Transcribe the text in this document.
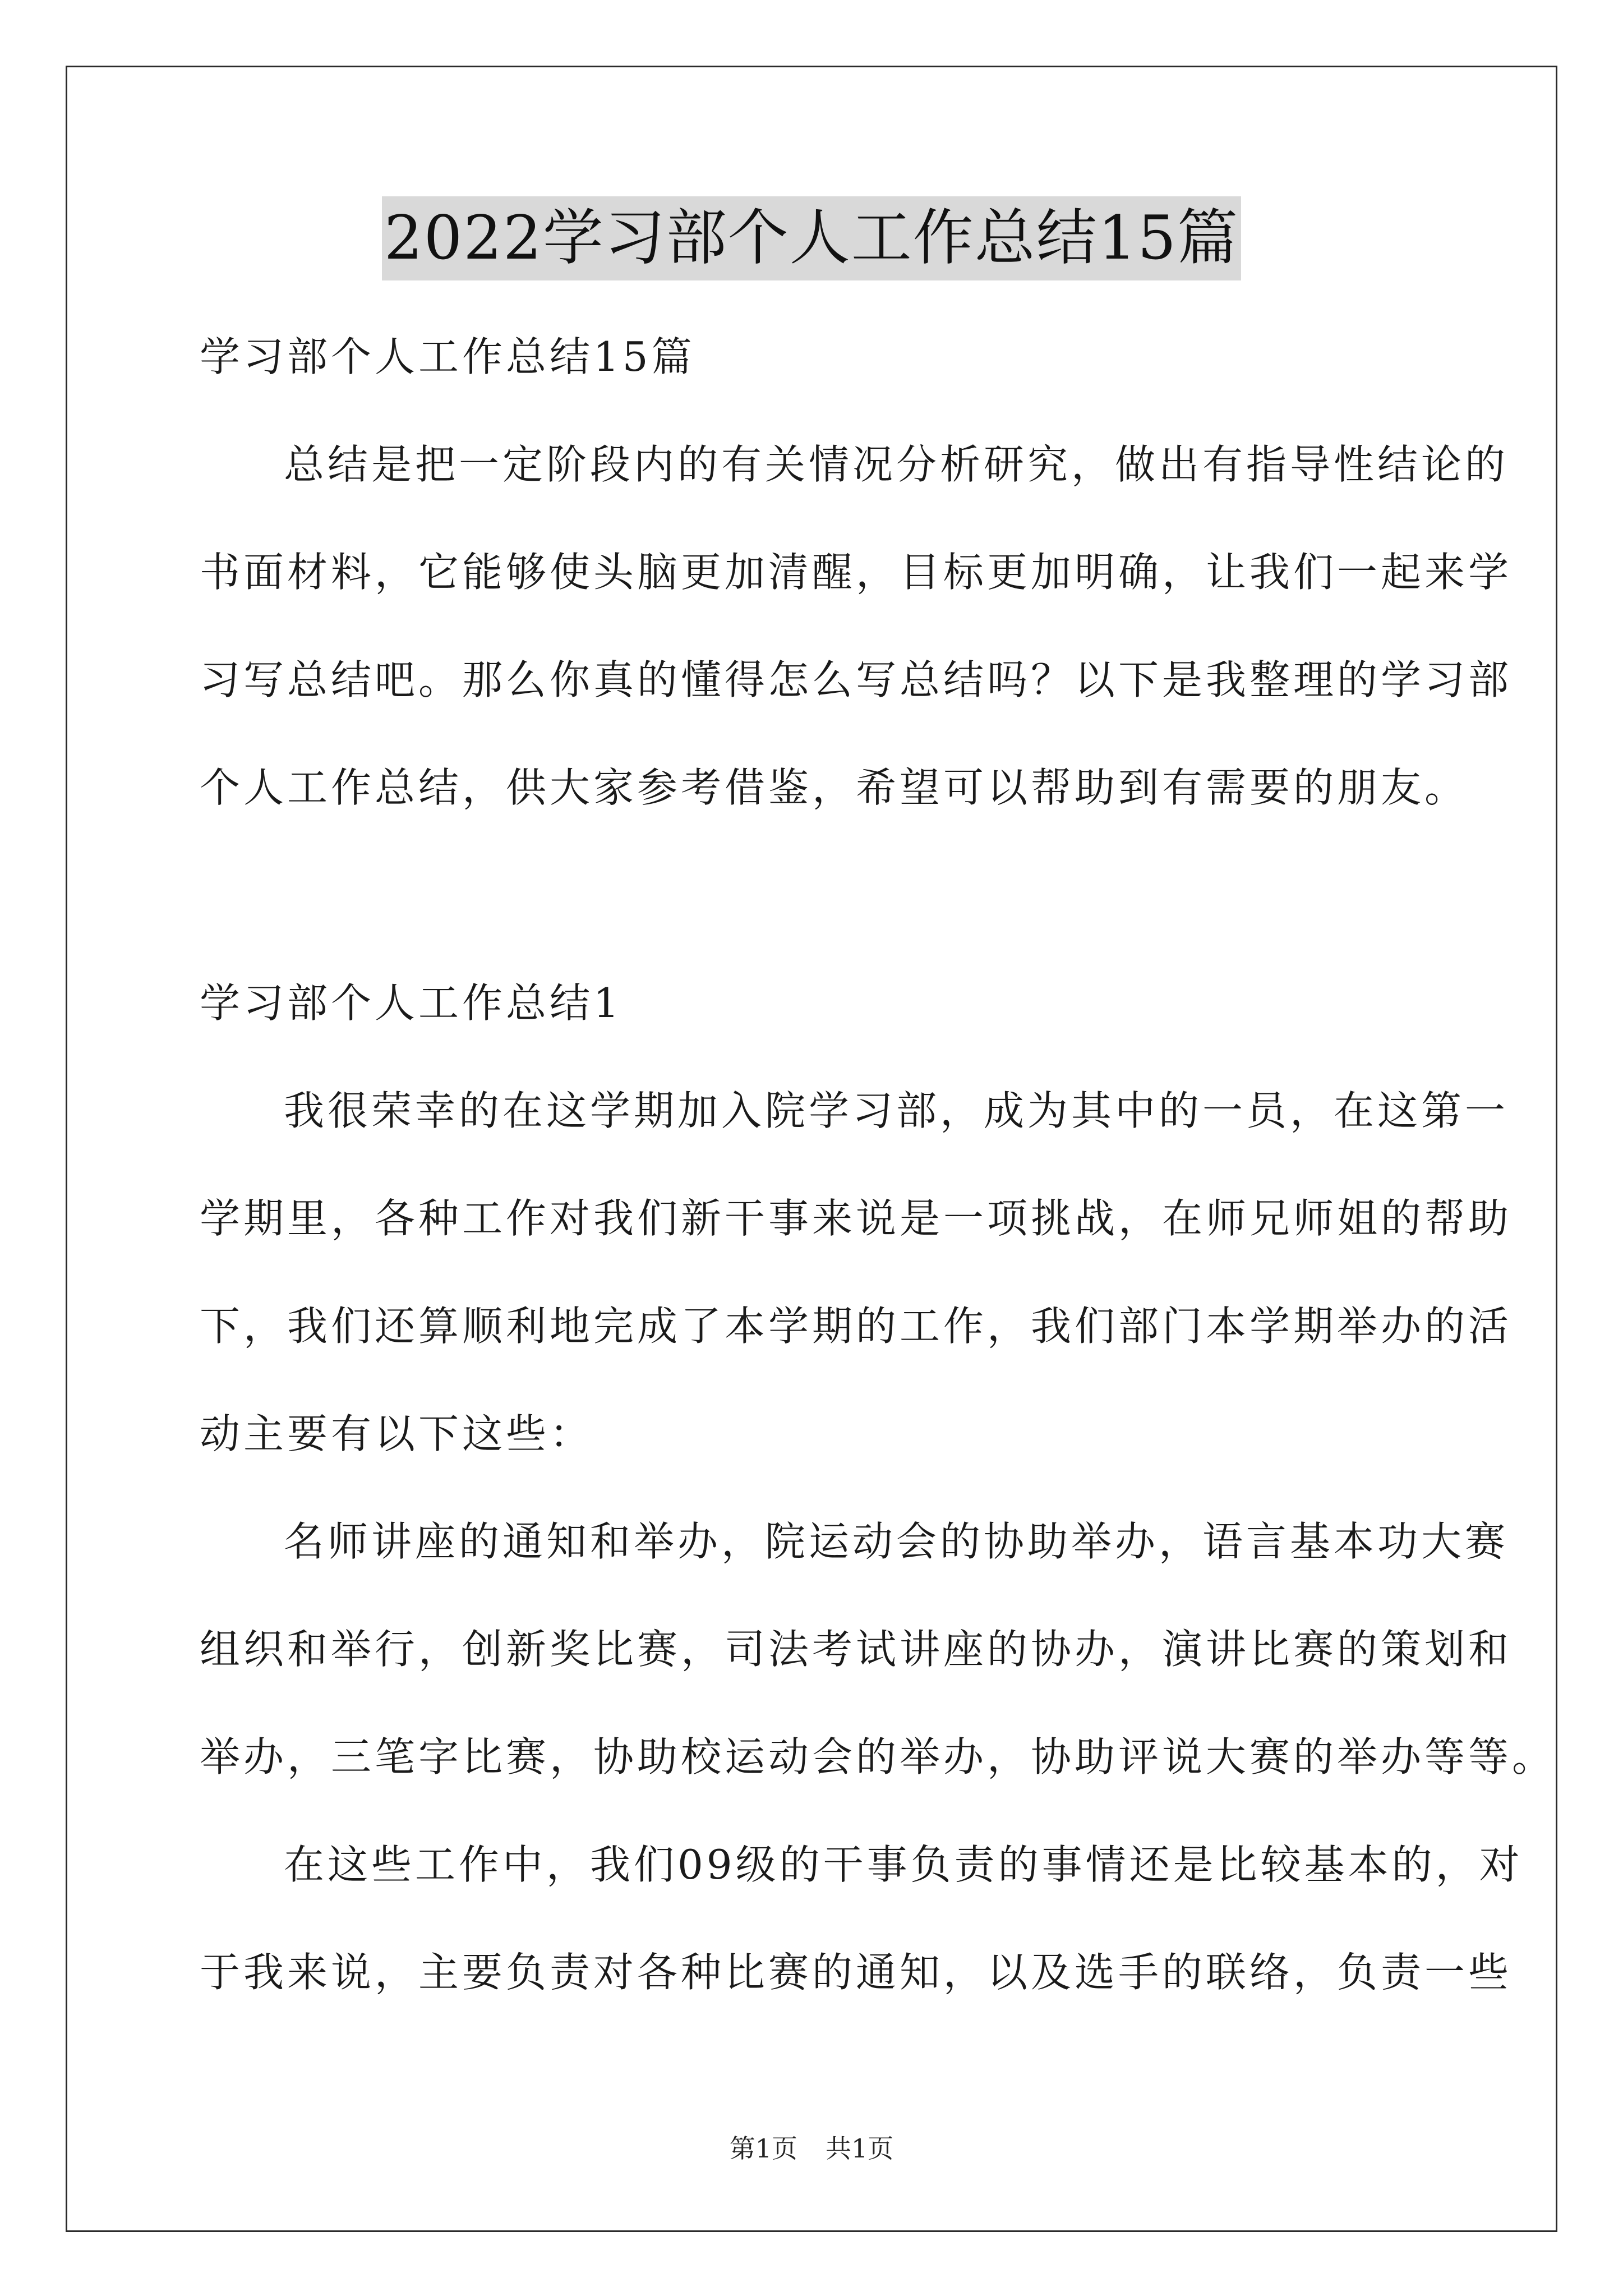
2022学习部个人工作总结15篇
学习部个人工作总结15篇
总结是把一定阶段内的有关情况分析研究，做出有指导性结论的
书面材料，它能够使头脑更加清醒，目标更加明确，让我们一起来学
习写总结吧。那么你真的懂得怎么写总结吗？以下是我整理的学习部
个人工作总结，供大家参考借鉴，希望可以帮助到有需要的朋友。
学习部个人工作总结1
我很荣幸的在这学期加入院学习部，成为其中的一员，在这第一
学期里，各种工作对我们新干事来说是一项挑战，在师兄师姐的帮助
下，我们还算顺利地完成了本学期的工作，我们部门本学期举办的活
动主要有以下这些：
名师讲座的通知和举办，院运动会的协助举办，语言基本功大赛
组织和举行，创新奖比赛，司法考试讲座的协办，演讲比赛的策划和
举办，三笔字比赛，协助校运动会的举办，协助评说大赛的举办等等。
在这些工作中，我们09级的干事负责的事情还是比较基本的，对
于我来说，主要负责对各种比赛的通知，以及选手的联络，负责一些
第1页 共1页
